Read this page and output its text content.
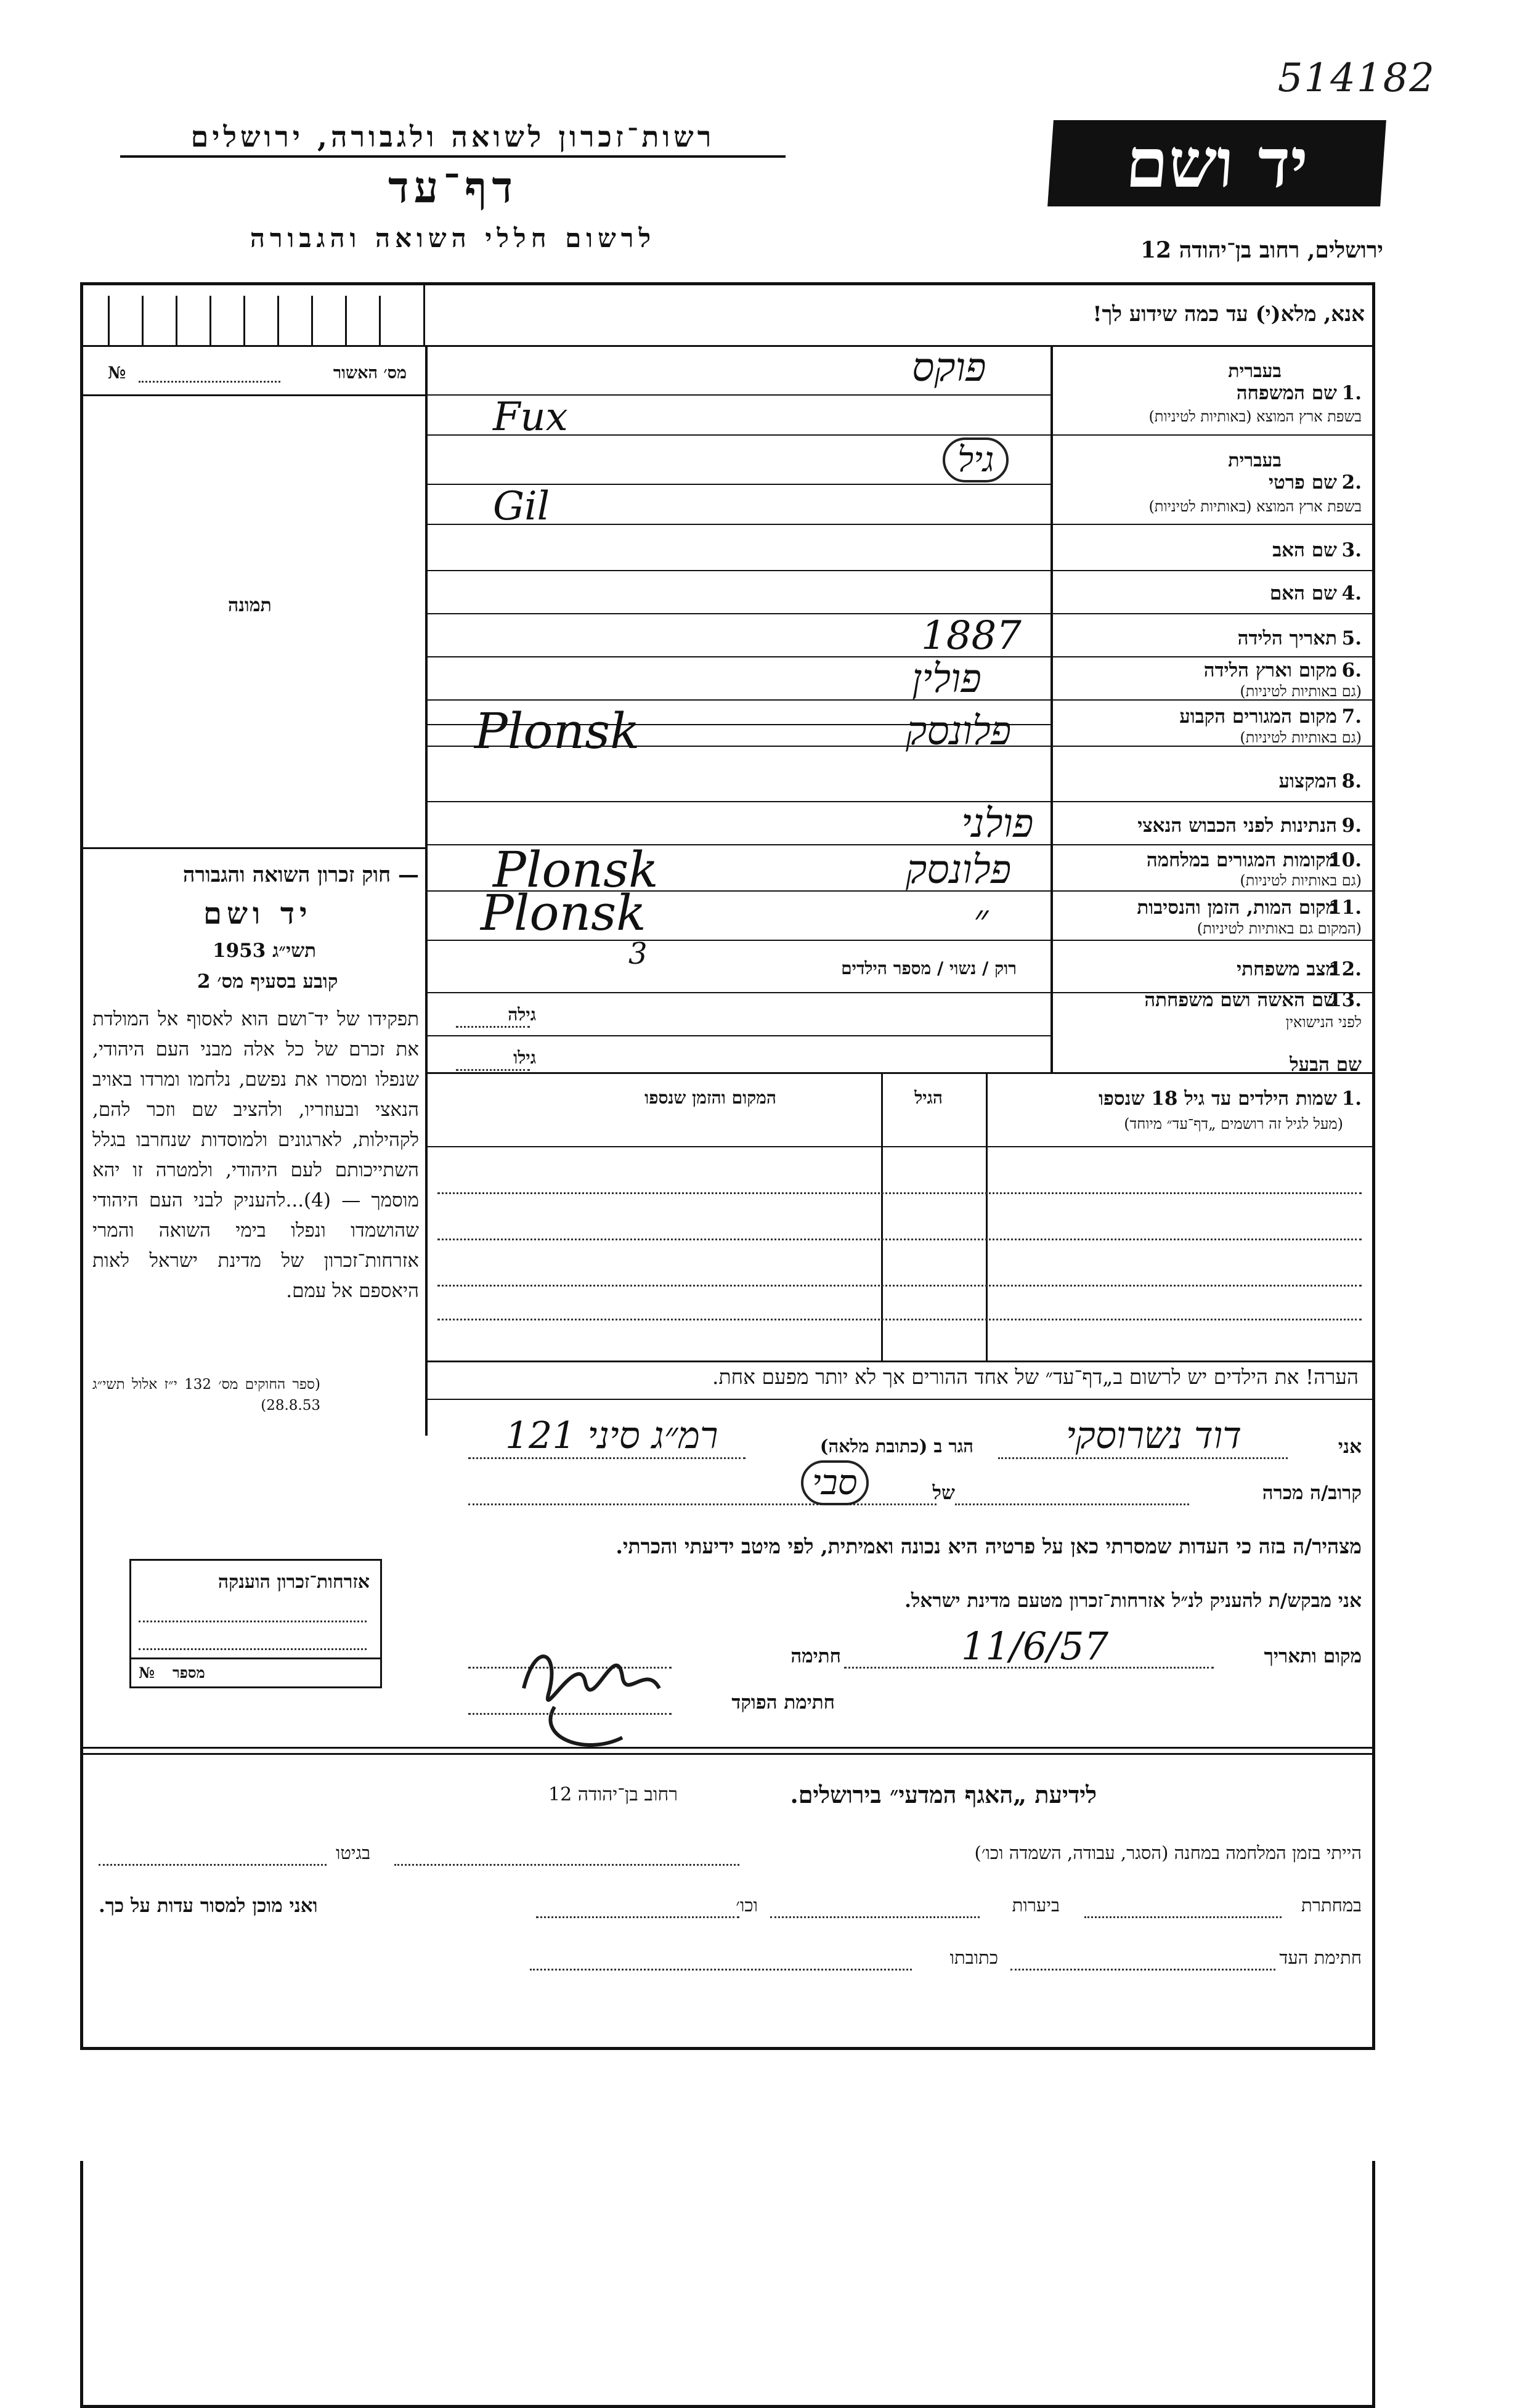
514182
יד ושם
רשות־זכרון לשואה ולגבורה, ירושלים
דף־עד
לרשום חללי השואה והגבורה	ירושלים, רחוב בן־יהודה 12
אנא, מלא(י) עד כמה שידוע לך!
№	מס׳ האשור
תמונה
— חוק זכרון השואה והגבורה
יד ושם
תשי״ג 1953
קובע בסעיף מס׳ 2
תפקידו של יד־ושם הוא לאסוף אל המולדת את זכרם של כל אלה מבני העם היהודי, שנפלו ומסרו את נפשם, נלחמו ומרדו באויב הנאצי ובעוזריו, ולהציב שם וזכר להם, לקהילות, לארגונים ולמוסדות שנחרבו בגלל השתייכותם לעם היהודי, ולמטרה זו יהא מוסמך — (4)...להעניק לבני העם היהודי שהושמדו ונפלו בימי השואה והמרי אזרחות־זכרון של מדינת ישראל לאות היאספם אל עמם.
(ספר החוקים מס׳ 132 י״ז אלול תשי״ג 28.8.53)
אזרחות־זכרון הוענקה
№ מספר
1.
שם המשפחה
בשפת ארץ המוצא (באותיות לטיניות)
בעברית
פוקס
Fux
2.
שם פרטי
בשפת ארץ המוצא (באותיות לטיניות)
בעברית
גיל
Gil
3.
שם האב
4.
שם האם
5.
תאריך הלידה
1887
6.
מקום וארץ הלידה
(גם באותיות לטיניות)
פולין
7.
מקום המגורים הקבוע
(גם באותיות לטיניות)
פלונסק
Plonsk
8.
המקצוע
9.
הנתינות לפני הכבוש הנאצי
פולני
10.
מקומות המגורים במלחמה
(גם באותיות לטיניות)
פלונסק
Plonsk
11.
מקום המות, הזמן והנסיבות
(המקום גם באותיות לטיניות)
״
Plonsk
12.
מצב משפחתי
רוק / נשוי / מספר הילדים
3
13.
שם האשה ושם משפחתה
לפני הנישואין
גילה
שם הבעל
גילו
1.
שמות הילדים עד גיל 18 שנספו
(מעל לגיל זה רושמים „דף־עד״ מיוחד)
הגיל
המקום והזמן שנספו
הערה! את הילדים יש לרשום ב„דף־עד״ של אחד ההורים אך לא יותר מפעם אחת.
אני
דוד נשרוסקי
הגר ב (כתובת מלאה)
רמ״ג סיני 121
קרוב/ה מכרה
של
סבי
מצהיר/ה בזה כי העדות שמסרתי כאן על פרטיה היא נכונה ואמיתית, לפי מיטב ידיעתי והכרתי.
אני מבקש/ת להעניק לנ״ל אזרחות־זכרון מטעם מדינת ישראל.
מקום ותאריך
11/6/57
חתימה
חתימת הפוקד
לידיעת „האגף המדעי״ בירושלים.
רחוב בן־יהודה 12
הייתי בזמן המלחמה במחנה (הסגר, עבודה, השמדה וכו׳)
בגיטו
במחתרת
ביערות
וכו׳
ואני מוכן למסור עדות על כך.
חתימת העד
כתובתו
